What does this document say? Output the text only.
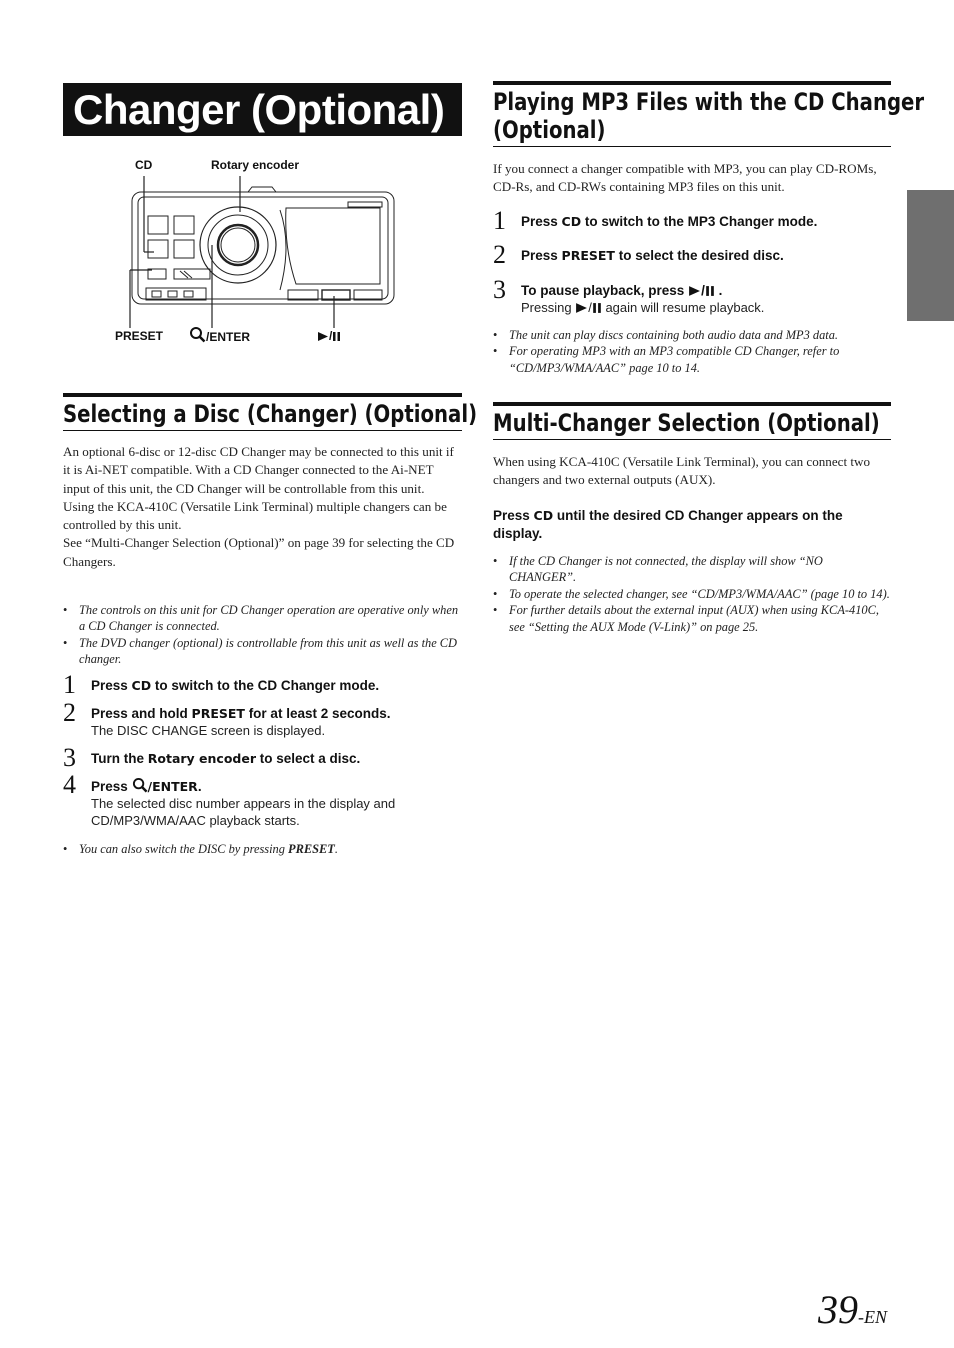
Changer (Optional)
CD	Rotary encoder
PRESET	/ENTER	/
Selecting a Disc (Changer) (Optional)
An optional 6-disc or 12-disc CD Changer may be connected to this unit if it is Ai-NET compatible. With a CD Changer connected to the Ai-NET input of this unit, the CD Changer will be controllable from this unit.
Using the KCA-410C (Versatile Link Terminal) multiple changers can be controlled by this unit.
See “Multi-Changer Selection (Optional)” on page 39 for selecting the CD Changers.
• The controls on this unit for CD Changer operation are operative only when a CD Changer is connected.
• The DVD changer (optional) is controllable from this unit as well as the CD changer.
1 Press CD to switch to the CD Changer mode.
2 Press and hold PRESET for at least 2 seconds.
The DISC CHANGE screen is displayed.
3 Turn the Rotary encoder to select a disc.
4 Press /ENTER.
The selected disc number appears in the display and CD/MP3/WMA/AAC playback starts.
• You can also switch the DISC by pressing PRESET.
Playing MP3 Files with the CD Changer
(Optional)
If you connect a changer compatible with MP3, you can play CD-ROMs, CD-Rs, and CD-RWs containing MP3 files on this unit.
1 Press CD to switch to the MP3 Changer mode.
2 Press PRESET to select the desired disc.
3 To pause playback, press / .
Pressing / again will resume playback.
• The unit can play discs containing both audio data and MP3 data.
• For operating MP3 with an MP3 compatible CD Changer, refer to “CD/MP3/WMA/AAC” page 10 to 14.
Multi-Changer Selection (Optional)
When using KCA-410C (Versatile Link Terminal), you can connect two changers and two external outputs (AUX).
Press CD until the desired CD Changer appears on the display.
• If the CD Changer is not connected, the display will show “NO CHANGER”.
• To operate the selected changer, see “CD/MP3/WMA/AAC” (page 10 to 14).
• For further details about the external input (AUX) when using KCA-410C, see “Setting the AUX Mode (V-Link)” on page 25.
39-EN
